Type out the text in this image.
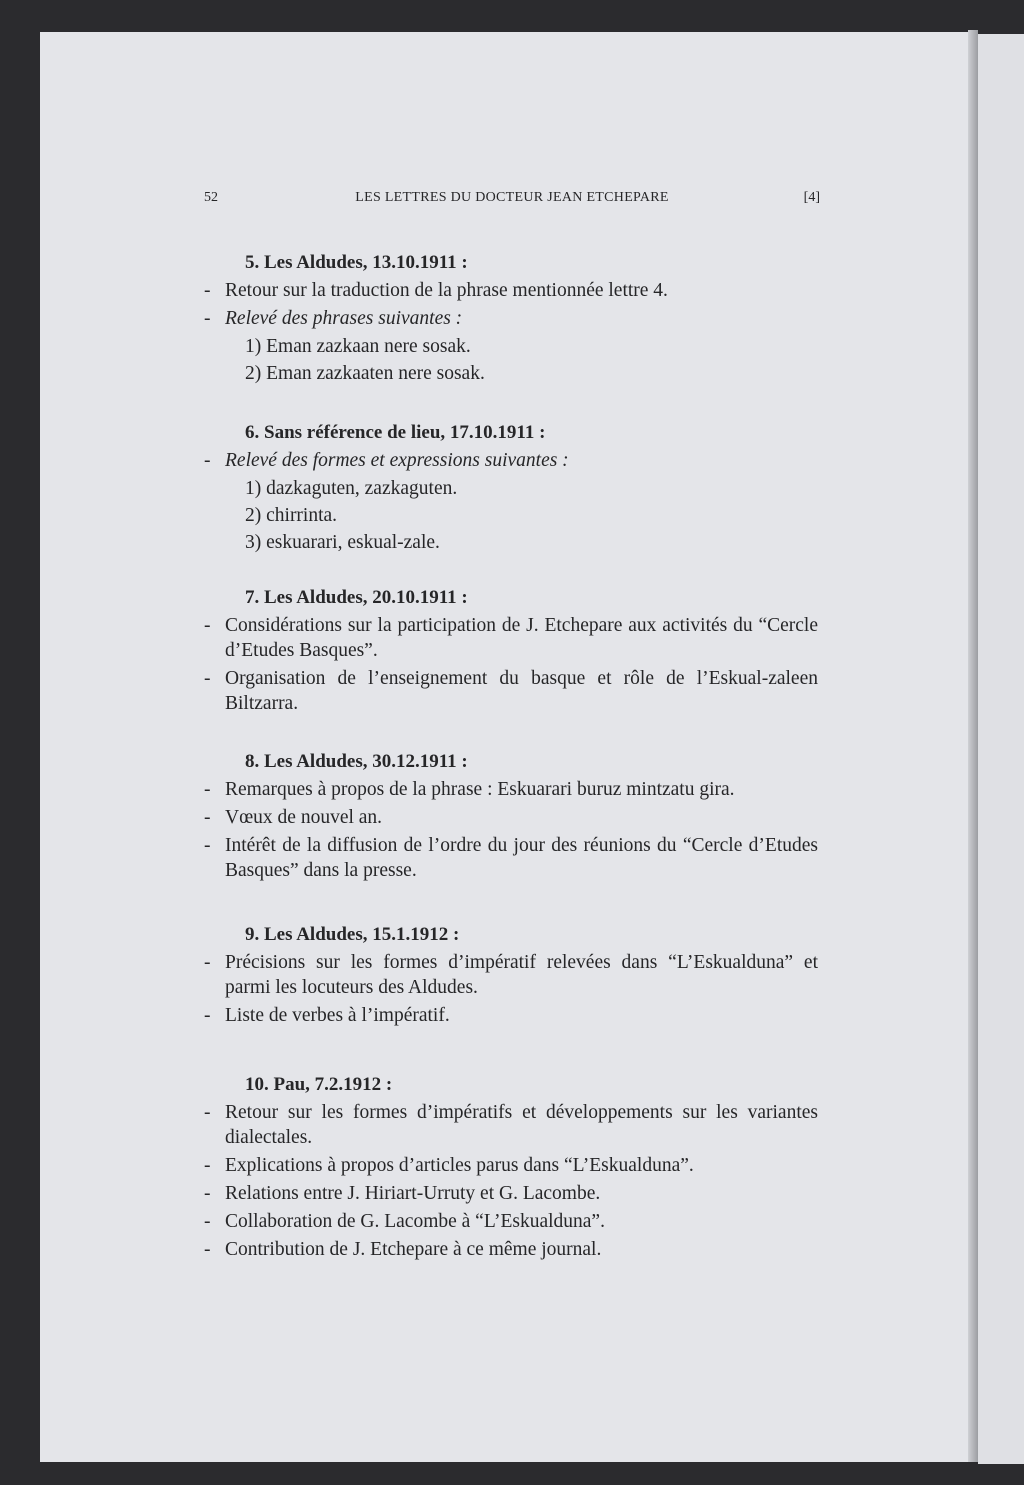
52	LES LETTRES DU DOCTEUR JEAN ETCHEPARE	[4]
5. Les Aldudes, 13.10.1911 :
- Retour sur la traduction de la phrase mentionnée lettre 4.
- Relevé des phrases suivantes :
1) Eman zazkaan nere sosak.
2) Eman zazkaaten nere sosak.
6. Sans référence de lieu, 17.10.1911 :
- Relevé des formes et expressions suivantes :
1) dazkaguten, zazkaguten.
2) chirrinta.
3) eskuarari, eskual-zale.
7. Les Aldudes, 20.10.1911 :
- Considérations sur la participation de J. Etchepare aux activités du “Cercle d’Etudes Basques”.
- Organisation de l’enseignement du basque et rôle de l’Eskual-zaleen Biltzarra.
8. Les Aldudes, 30.12.1911 :
- Remarques à propos de la phrase : Eskuarari buruz mintzatu gira.
- Vœux de nouvel an.
- Intérêt de la diffusion de l’ordre du jour des réunions du “Cercle d’Etudes Basques” dans la presse.
9. Les Aldudes, 15.1.1912 :
- Précisions sur les formes d’impératif relevées dans “L’Eskualduna” et parmi les locuteurs des Aldudes.
- Liste de verbes à l’impératif.
10. Pau, 7.2.1912 :
- Retour sur les formes d’impératifs et développements sur les variantes dialectales.
- Explications à propos d’articles parus dans “L’Eskualduna”.
- Relations entre J. Hiriart-Urruty et G. Lacombe.
- Collaboration de G. Lacombe à “L’Eskualduna”.
- Contribution de J. Etchepare à ce même journal.
